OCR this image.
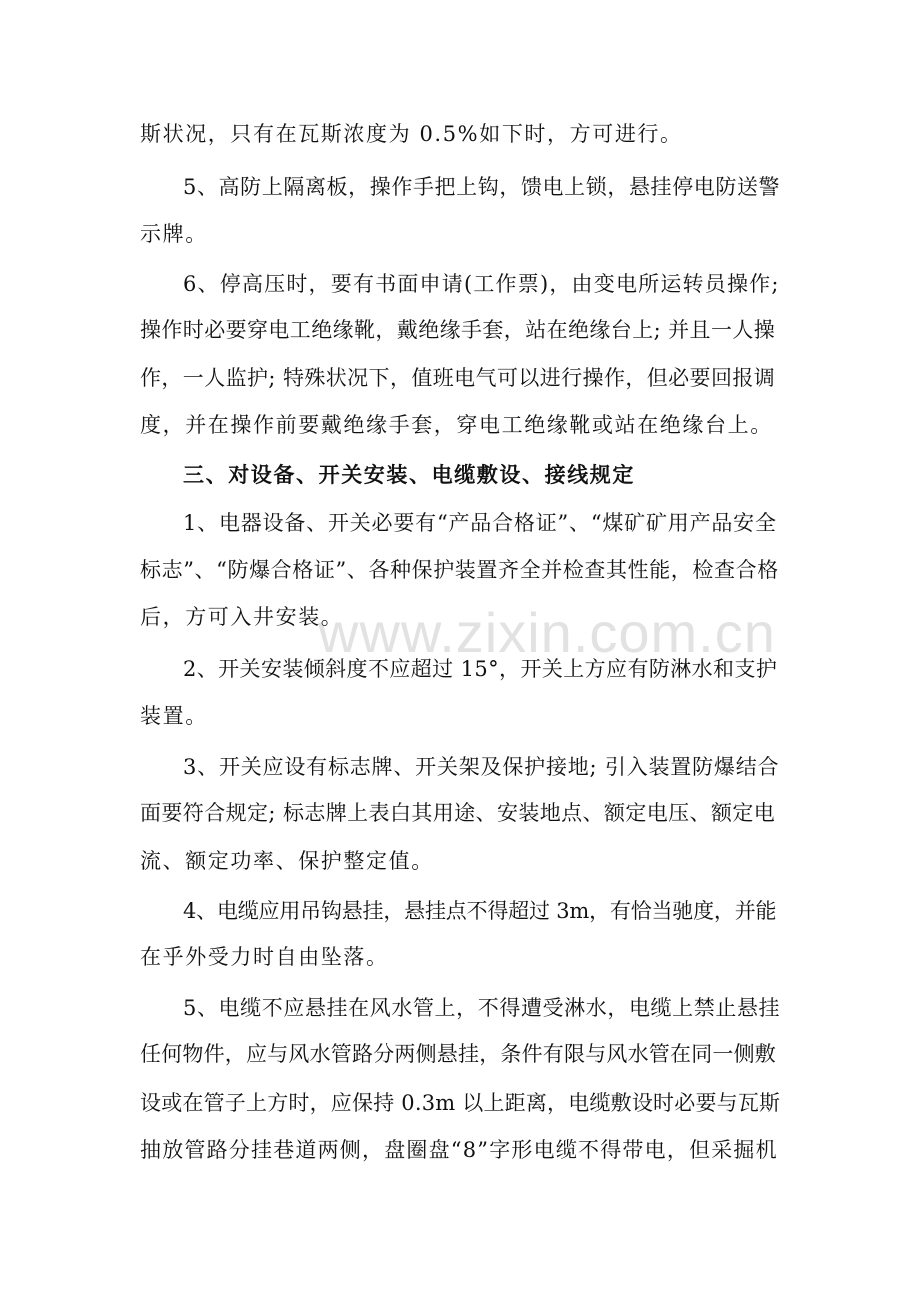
www.zixin.com.cn
斯状况，只有在瓦斯浓度为 0.5%如下时，方可进行。
5、高防上隔离板，操作手把上钩，馈电上锁，悬挂停电防送警
示牌。
6、停高压时，要有书面申请(工作票)，由变电所运转员操作;
操作时必要穿电工绝缘靴，戴绝缘手套，站在绝缘台上; 并且一人操
作，一人监护; 特殊状况下，值班电气可以进行操作，但必要回报调
度，并在操作前要戴绝缘手套，穿电工绝缘靴或站在绝缘台上。
三、对设备、开关安装、电缆敷设、接线规定
1、电器设备、开关必要有“产品合格证”、“煤矿矿用产品安全
标志”、“防爆合格证”、各种保护装置齐全并检查其性能，检查合格
后，方可入井安装。
2、开关安装倾斜度不应超过 15°，开关上方应有防淋水和支护
装置。
3、开关应设有标志牌、开关架及保护接地; 引入装置防爆结合
面要符合规定; 标志牌上表白其用途、安装地点、额定电压、额定电
流、额定功率、保护整定值。
4、电缆应用吊钩悬挂，悬挂点不得超过 3m，有恰当驰度，并能
在乎外受力时自由坠落。
5、电缆不应悬挂在风水管上，不得遭受淋水，电缆上禁止悬挂
任何物件，应与风水管路分两侧悬挂，条件有限与风水管在同一侧敷
设或在管子上方时，应保持 0.3m 以上距离，电缆敷设时必要与瓦斯
抽放管路分挂巷道两侧，盘圈盘“8”字形电缆不得带电，但采掘机
